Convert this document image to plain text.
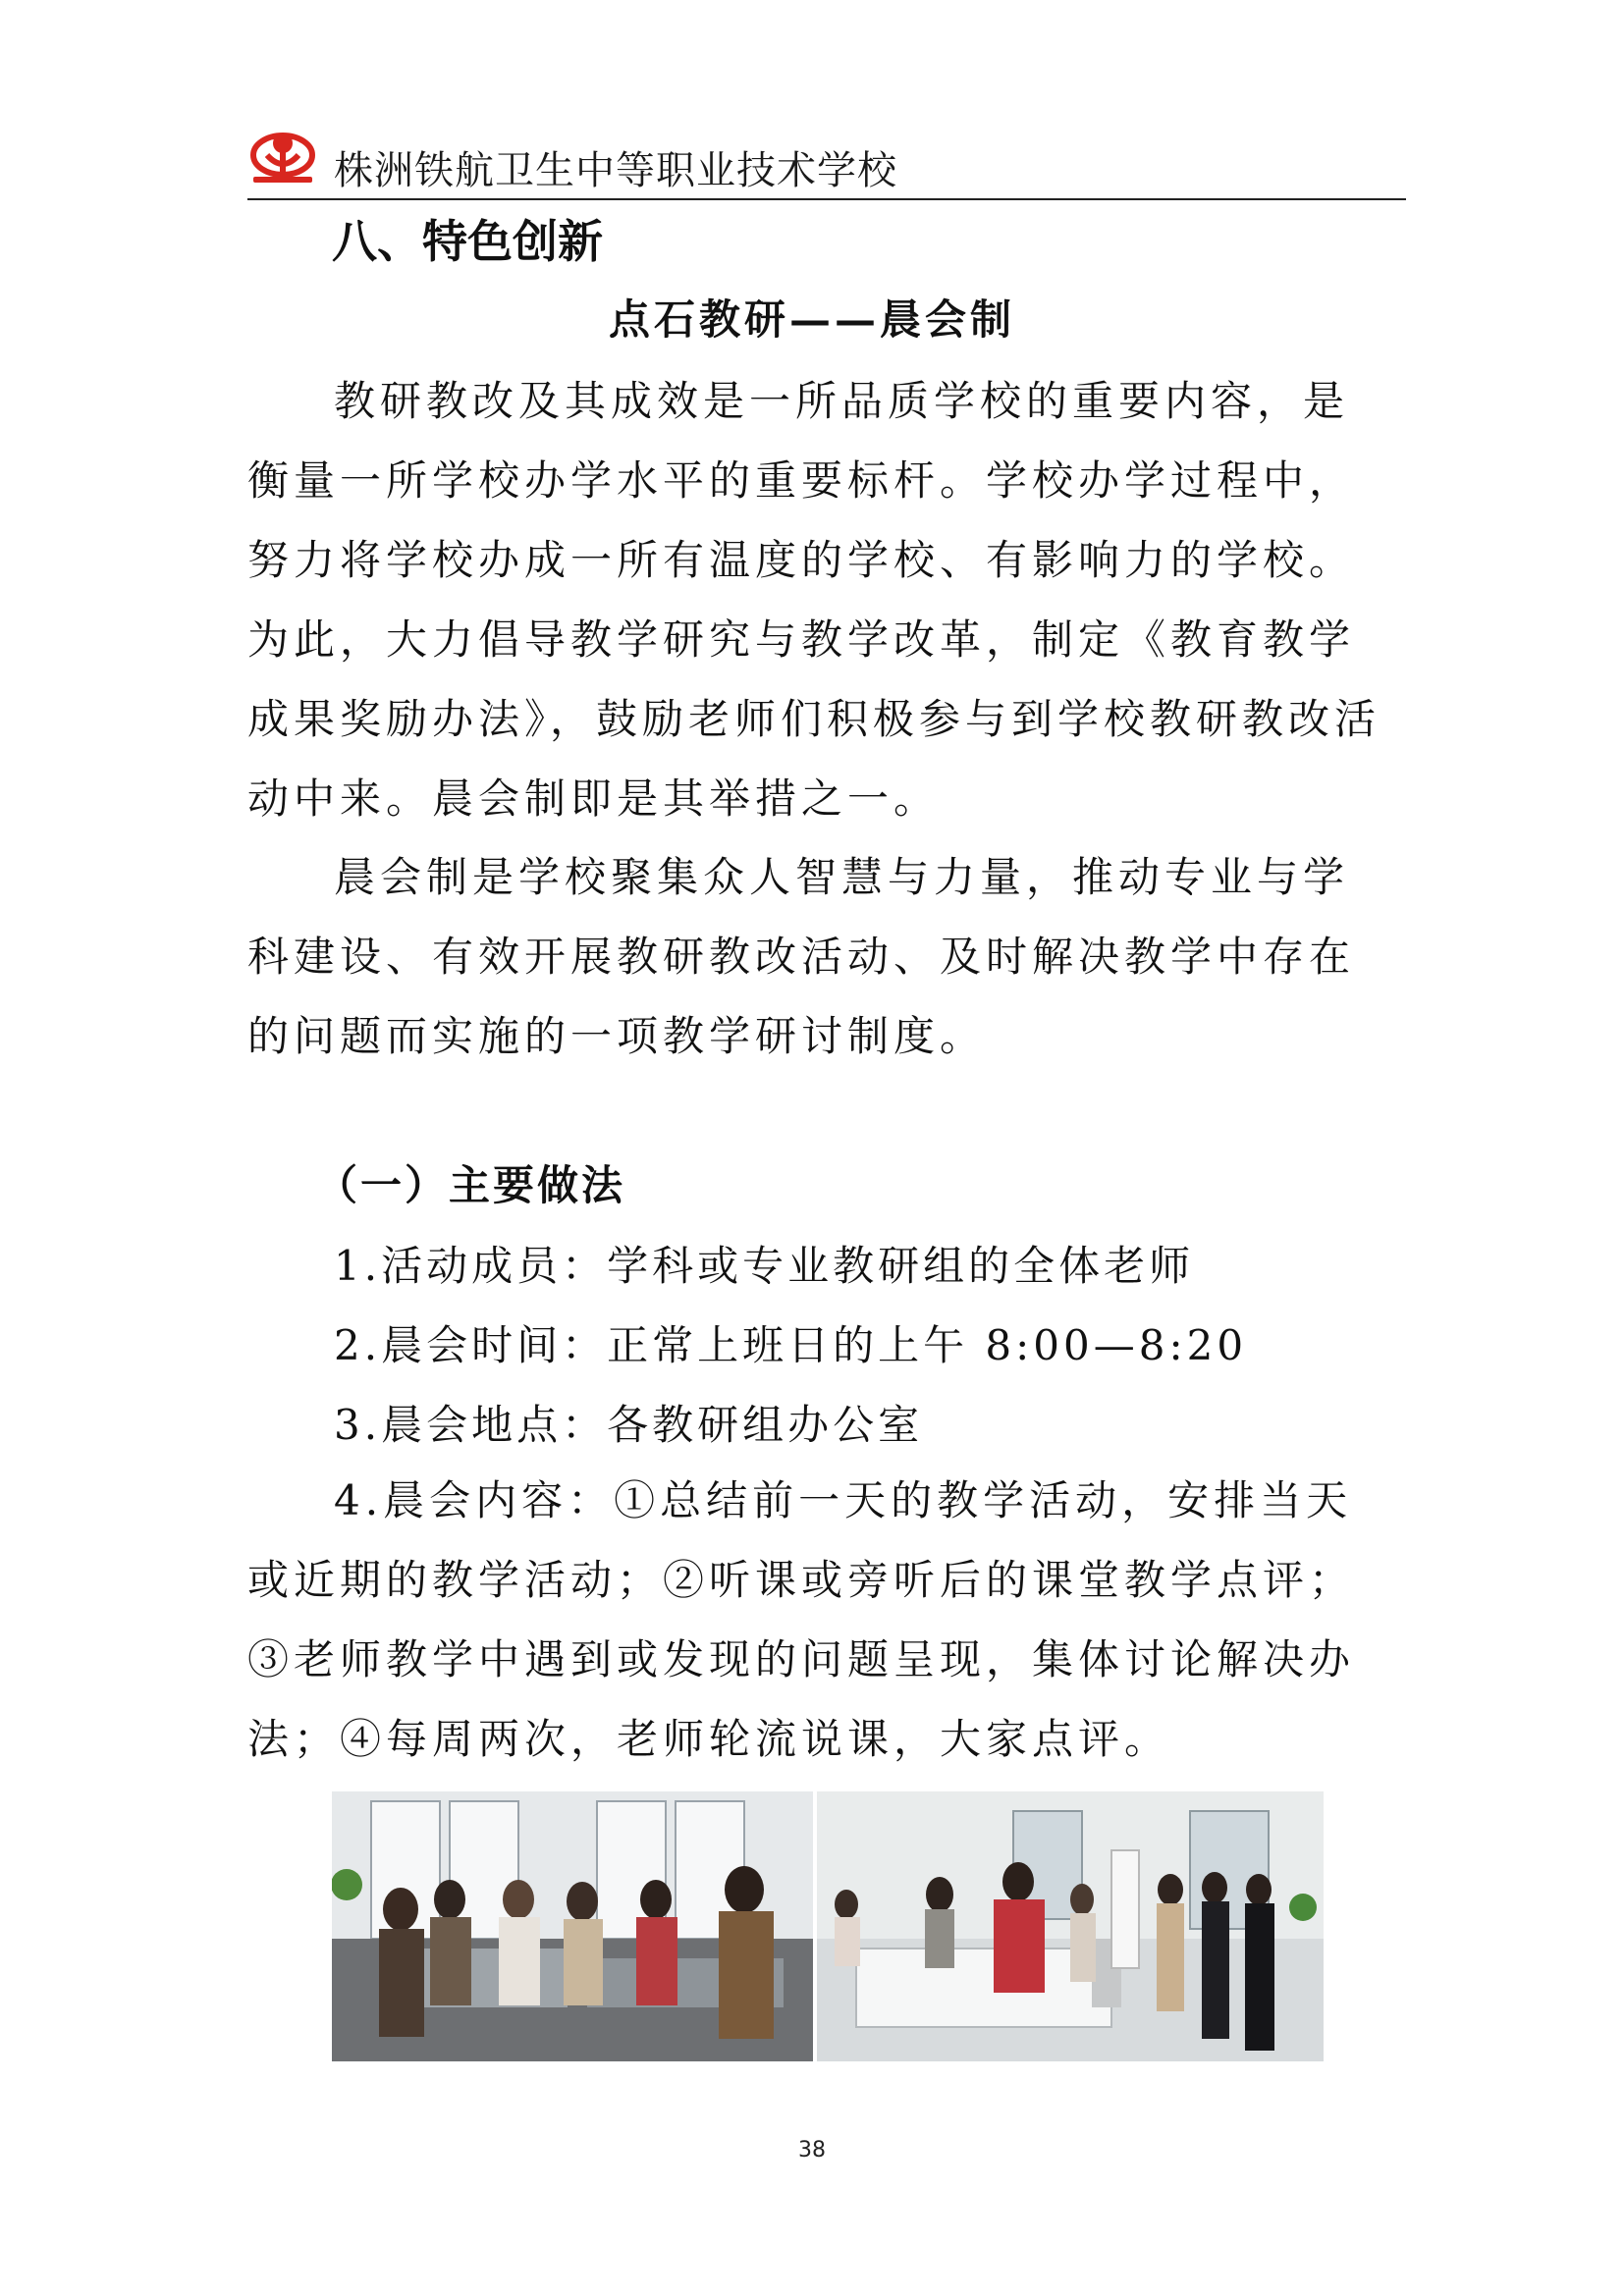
株洲铁航卫生中等职业技术学校
八、特色创新
点石教研——晨会制

教研教改及其成效是一所品质学校的重要内容，是衡量一所学校办学水平的重要标杆。学校办学过程中，努力将学校办成一所有温度的学校、有影响力的学校。为此，大力倡导教学研究与教学改革，制定《教育教学成果奖励办法》，鼓励老师们积极参与到学校教研教改活动中来。晨会制即是其举措之一。

晨会制是学校聚集众人智慧与力量，推动专业与学科建设、有效开展教研教改活动、及时解决教学中存在的问题而实施的一项教学研讨制度。

（一）主要做法

1.活动成员：学科或专业教研组的全体老师

2.晨会时间：正常上班日的上午 8:00—8:20

3.晨会地点：各教研组办公室

4.晨会内容：①总结前一天的教学活动，安排当天或近期的教学活动；②听课或旁听后的课堂教学点评；③老师教学中遇到或发现的问题呈现，集体讨论解决办法；④每周两次，老师轮流说课，大家点评。

38
